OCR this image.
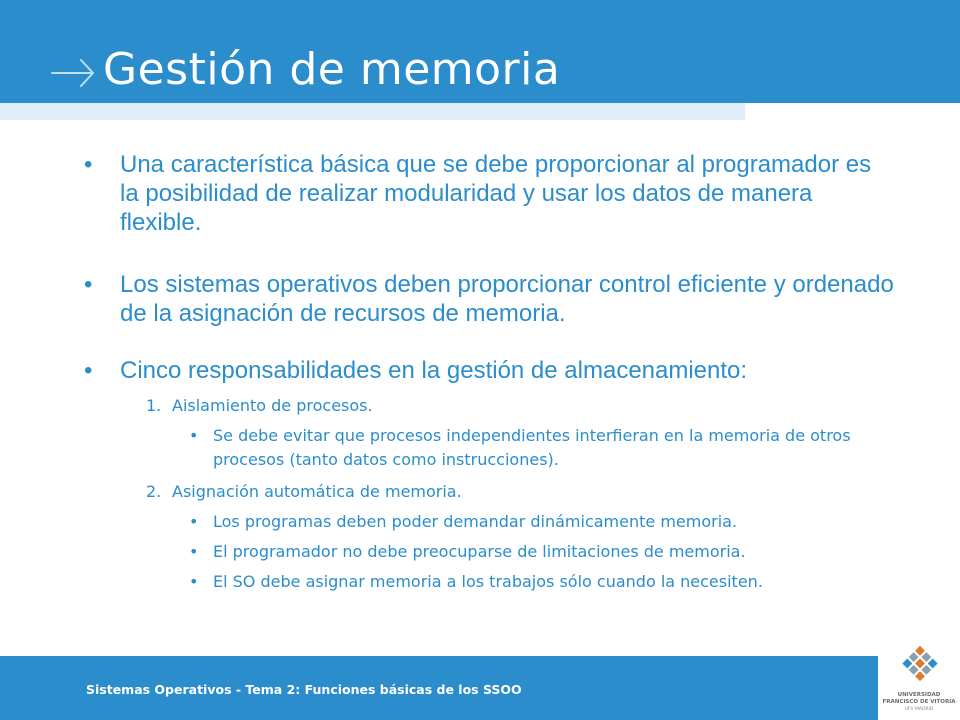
Gestión de memoria
• Una característica básica que se debe proporcionar al programador es la posibilidad de realizar modularidad y usar los datos de manera flexible.
• Los sistemas operativos deben proporcionar control eficiente y ordenado de la asignación de recursos de memoria.
• Cinco responsabilidades en la gestión de almacenamiento:
1. Aislamiento de procesos.
• Se debe evitar que procesos independientes interfieran en la memoria de otros procesos (tanto datos como instrucciones).
2. Asignación automática de memoria.
• Los programas deben poder demandar dinámicamente memoria.
• El programador no debe preocuparse de limitaciones de memoria.
• El SO debe asignar memoria a los trabajos sólo cuando la necesiten.
Sistemas Operativos - Tema 2: Funciones básicas de los SSOO	UNIVERSIDAD
FRANCISCO DE VITORIA
UFV MADRID
